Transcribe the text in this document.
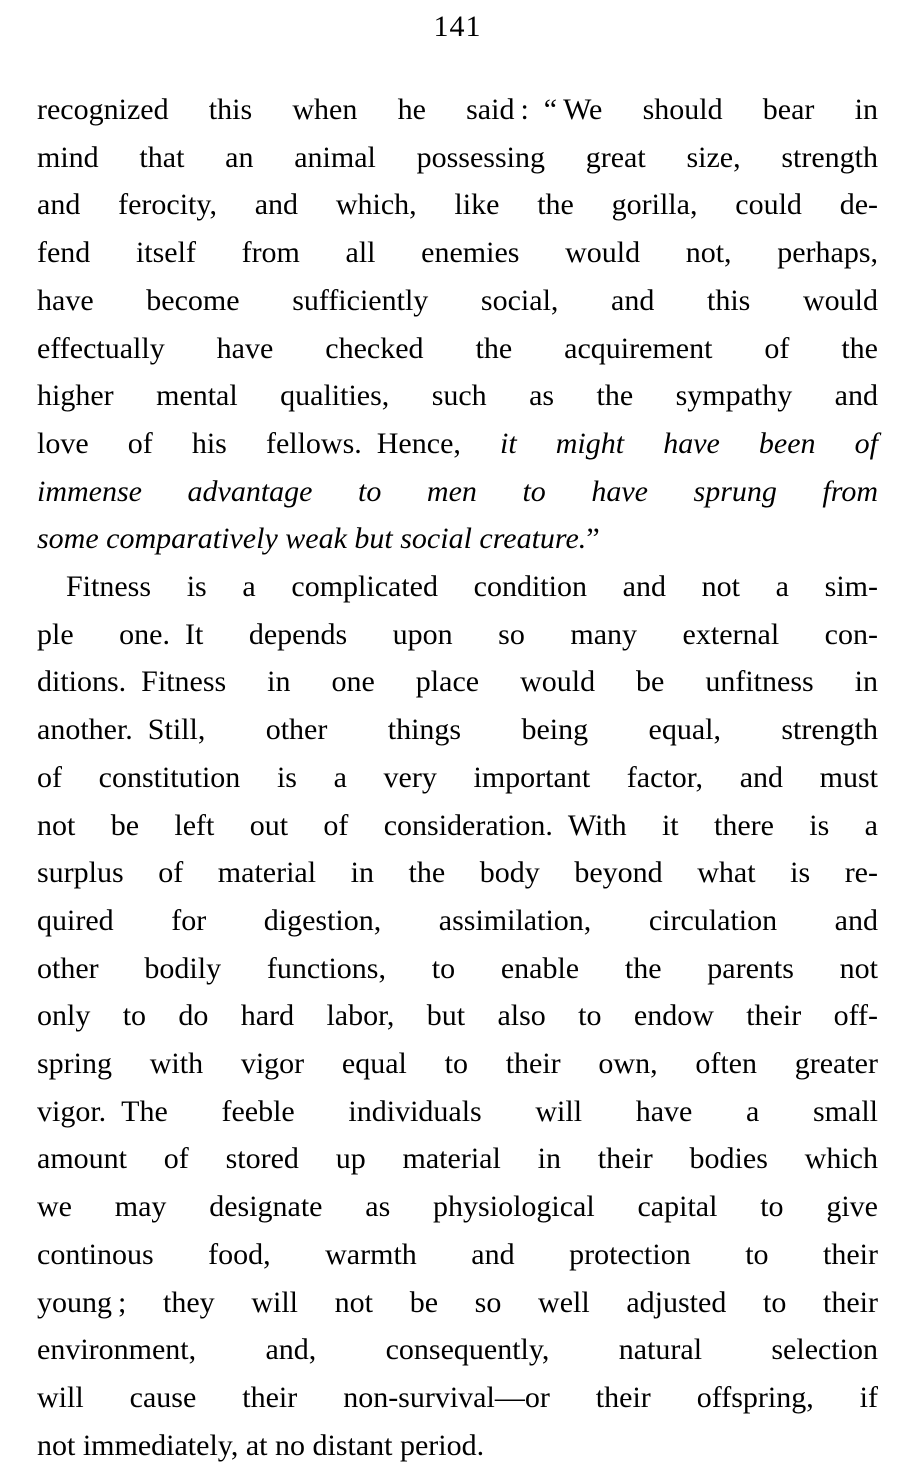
141
recognized this when he said : “ We should bear in
mind that an animal possessing great size, strength
and ferocity, and which, like the gorilla, could de-
fend itself from all enemies would not, perhaps,
have become sufficiently social, and this would
effectually have checked the acquirement of the
higher mental qualities, such as the sympathy and
love of his fellows. Hence, it might have been of
immense advantage to men to have sprung from
some comparatively weak but social creature.”
Fitness is a complicated condition and not a sim-
ple one. It depends upon so many external con-
ditions. Fitness in one place would be unfitness in
another. Still, other things being equal, strength
of constitution is a very important factor, and must
not be left out of consideration. With it there is a
surplus of material in the body beyond what is re-
quired for digestion, assimilation, circulation and
other bodily functions, to enable the parents not
only to do hard labor, but also to endow their off-
spring with vigor equal to their own, often greater
vigor. The feeble individuals will have a small
amount of stored up material in their bodies which
we may designate as physiological capital to give
continous food, warmth and protection to their
young ; they will not be so well adjusted to their
environment, and, consequently, natural selection
will cause their non-survival—or their offspring, if
not immediately, at no distant period.
